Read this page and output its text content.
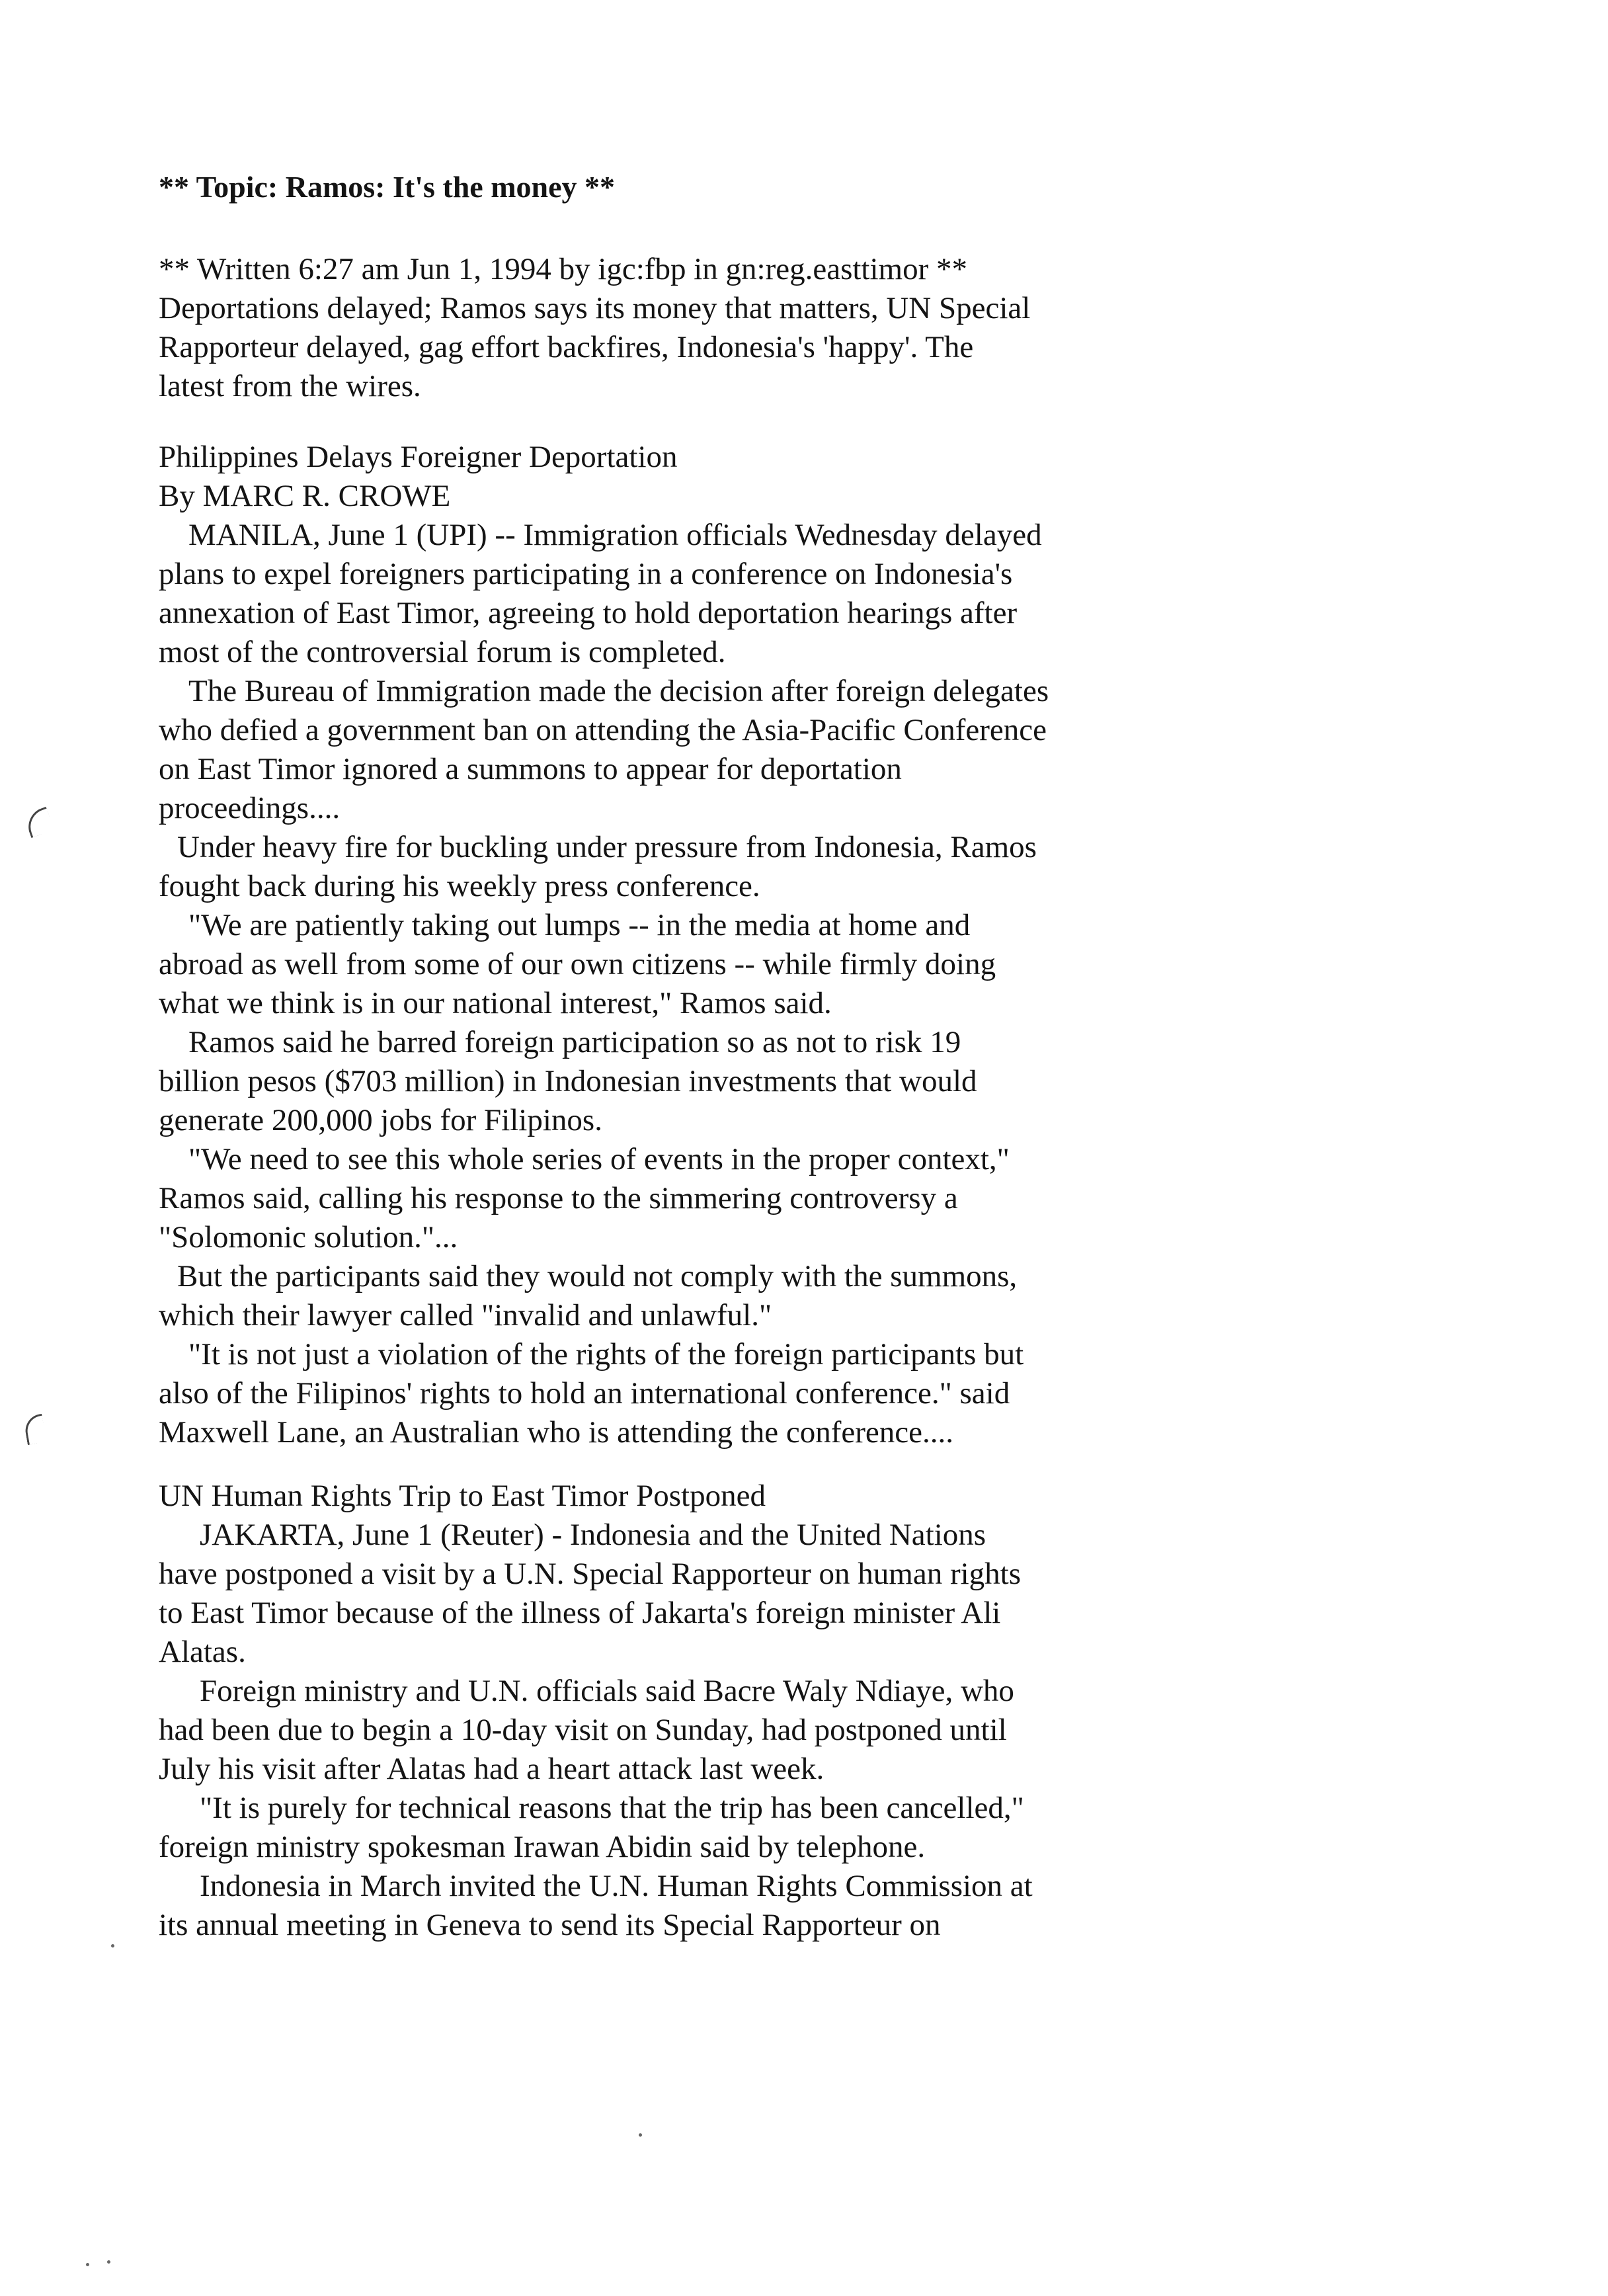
** Topic: Ramos: It's the money **
** Written 6:27 am Jun 1, 1994 by igc:fbp in gn:reg.easttimor **
Deportations delayed; Ramos says its money that matters, UN Special
Rapporteur delayed, gag effort backfires, Indonesia's 'happy'. The
latest from the wires.
Philippines Delays Foreigner Deportation
By MARC R. CROWE
MANILA, June 1 (UPI) -- Immigration officials Wednesday delayed
plans to expel foreigners participating in a conference on Indonesia's
annexation of East Timor, agreeing to hold deportation hearings after
most of the controversial forum is completed.
The Bureau of Immigration made the decision after foreign delegates
who defied a government ban on attending the Asia-Pacific Conference
on East Timor ignored a summons to appear for deportation
proceedings....
Under heavy fire for buckling under pressure from Indonesia, Ramos
fought back during his weekly press conference.
"We are patiently taking out lumps -- in the media at home and
abroad as well from some of our own citizens -- while firmly doing
what we think is in our national interest," Ramos said.
Ramos said he barred foreign participation so as not to risk 19
billion pesos ($703 million) in Indonesian investments that would
generate 200,000 jobs for Filipinos.
"We need to see this whole series of events in the proper context,"
Ramos said, calling his response to the simmering controversy a
"Solomonic solution."...
But the participants said they would not comply with the summons,
which their lawyer called "invalid and unlawful."
"It is not just a violation of the rights of the foreign participants but
also of the Filipinos' rights to hold an international conference." said
Maxwell Lane, an Australian who is attending the conference....
UN Human Rights Trip to East Timor Postponed
JAKARTA, June 1 (Reuter) - Indonesia and the United Nations
have postponed a visit by a U.N. Special Rapporteur on human rights
to East Timor because of the illness of Jakarta's foreign minister Ali
Alatas.
Foreign ministry and U.N. officials said Bacre Waly Ndiaye, who
had been due to begin a 10-day visit on Sunday, had postponed until
July his visit after Alatas had a heart attack last week.
"It is purely for technical reasons that the trip has been cancelled,"
foreign ministry spokesman Irawan Abidin said by telephone.
Indonesia in March invited the U.N. Human Rights Commission at
its annual meeting in Geneva to send its Special Rapporteur on
